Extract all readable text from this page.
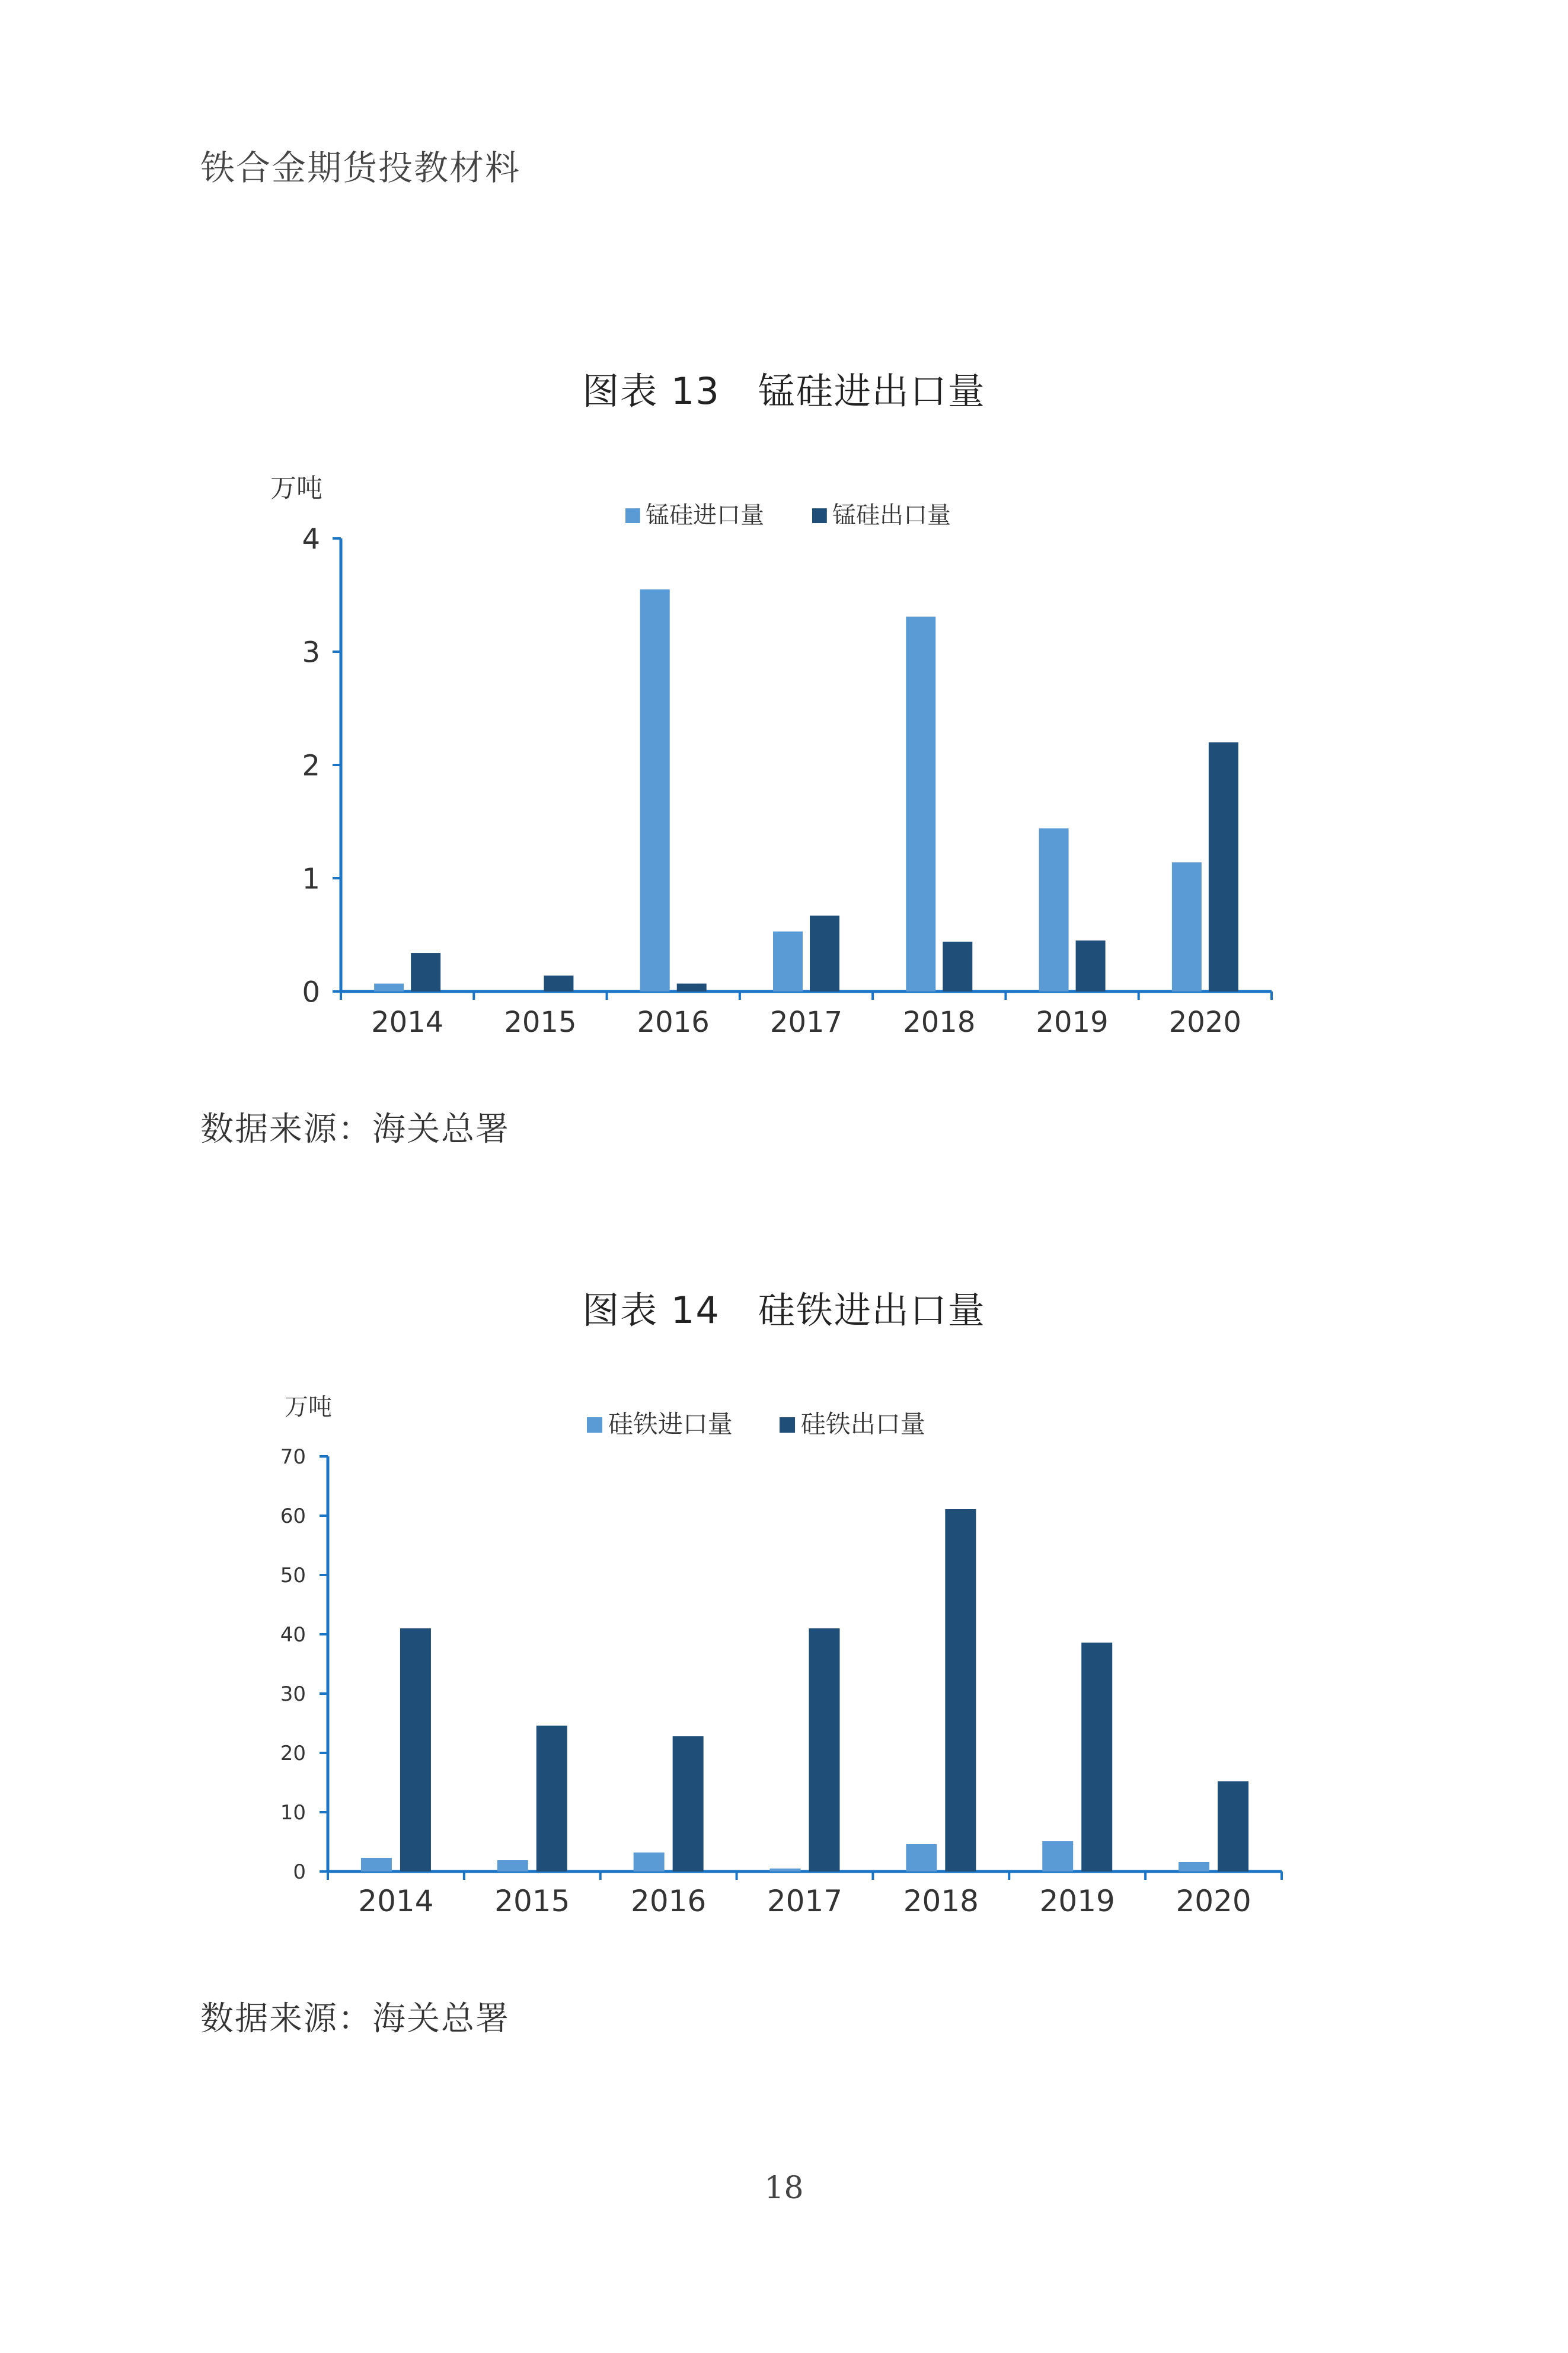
铁合金期货投教材料
图表 13　锰硅进出口量
万吨
0
1
2
3
4
2014 2015 2016 2017 2018 2019 2020
锰硅进口量	锰硅出口量
数据来源：海关总署
图表 14　硅铁进出口量
万吨
0
10
20
30
40
50
60
70
2014 2015 2016 2017 2018 2019 2020
硅铁进口量	硅铁出口量
数据来源：海关总署
18
